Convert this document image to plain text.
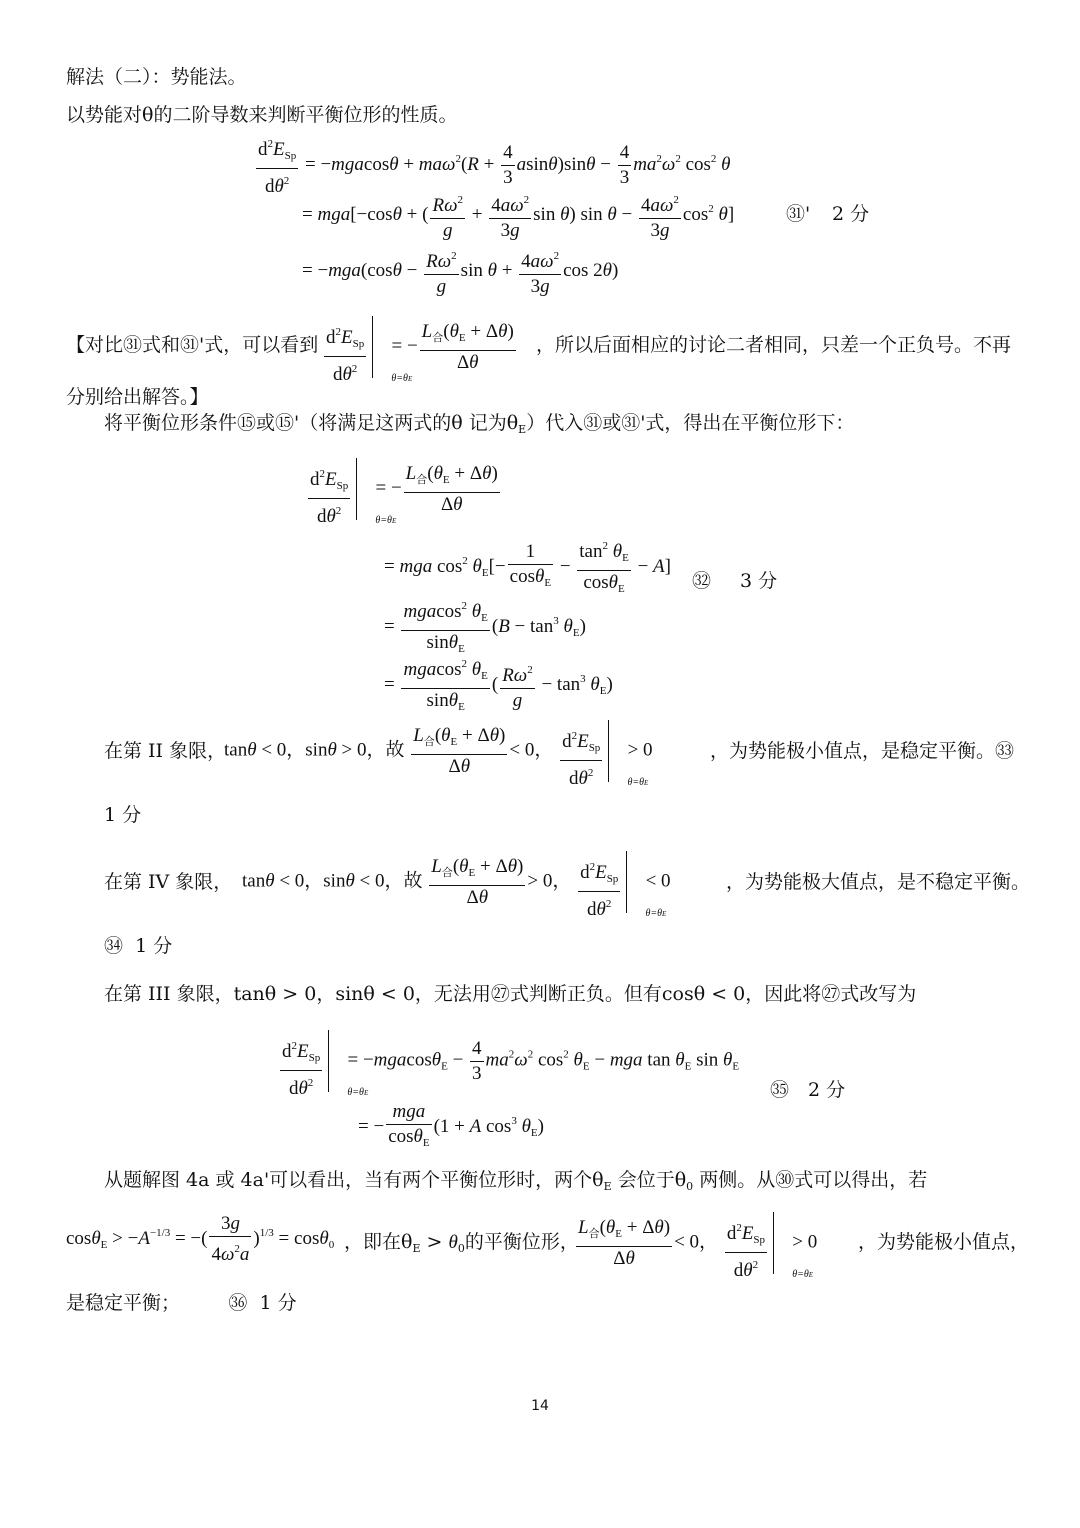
解法（二）：势能法。
以势能对θ的二阶导数来判断平衡位形的性质。
$\frac{d^2E_{Sp}}{d\theta^2} = -mgacos\theta + ma\omega^2(R + \frac{4}{3} asin\theta)\sin\theta - \frac{4}{3} ma^2\omega^2$ $\cos^2 \theta$
= mga[−cosθ + ( $\frac{R\omega^2}{g} + \frac{4a\omega^2}{3g}$ sin θ) $\sin \theta - \frac{4a\omega^2}{3g} \cos^2 \theta$]	㉛' 2 分
= $-mga(\cos\theta - \frac{R\omega^2}{g}$ $\sin \theta + \frac{4a\omega^2}{3g}$ cos 2θ)
【对比㉛式和㉛'式，可以看到 $\frac{d^2E_{Sp}}{d\theta^2}$	θ=θE
= − $\frac{L_合(\theta_E + \Delta\theta)}{\Delta\theta}$ ，所以后面相应的讨论二者相同，只差一个正负号。不再
分别给出解答。】
将平衡位形条件⑮或⑮'（将满足这两式的θ 记为$\theta_E$）代入㉛或㉛'式，得出在平衡位形下：
$\frac{d^2E_{Sp}}{d\theta^2}$	θ=θE
= − $\frac{L_合(\theta_E + \Delta\theta)}{\Delta\theta}$
= mga $\cos^2 \theta_E[- \frac{1}{\cos\theta_E} - \frac{\tan^2 \theta_E}{\cos\theta_E} - A]$
㉜ 3 分
= $\frac{mgacos^2 \theta_E}{\sin\theta_E} (B - \tan^3 \theta_E)$
= $\frac{mgacos^2 \theta_E}{\sin\theta_E}$ ( $\frac{R\omega^2}{g} - \tan^3 \theta_E$)
在第 II 象限，
tanθ < 0，sinθ > 0，故 $\frac{L_合(\theta_E + \Delta\theta)}{\Delta\theta} < 0$， $\frac{d^2E_{Sp}}{d\theta^2}$	θ=θE
> 0	，为势能极小值点，是稳定平衡。㉝
1 分
在第 IV 象限， tanθ < 0，sinθ < 0，故 $\frac{L_合(\theta_E + \Delta\theta)}{\Delta\theta} > 0$， $\frac{d^2E_{Sp}}{d\theta^2}$	θ=θE
< 0	，为势能极大值点，是不稳定平衡。
㉞ 1 分
在第 III 象限，tanθ > 0，sinθ < 0，无法用㉗式判断正负。但有cosθ < 0，因此将㉗式改写为
$\frac{d^2E_{Sp}}{d\theta^2}$	θ=θE
= $-mgacos\theta_E - \frac{4}{3} ma^2\omega^2$ $\cos^2 \theta_E$ − mga $\tan \theta_E$ $\sin \theta_E$
㉟ 2 分
= − $\frac{\text{mga}}{\cos\theta_E} (1 + A$ $\cos^3 \theta_E$)
从题解图 4a 或 4a'可以看出，当有两个平衡位形时，两个$\theta_E$ 会位于$\theta_0$ 两侧。从㉚式可以得出，若
$\cos\theta_E > -A^{-1/3}$ = −( $\frac{3g}{4\omega^2a} )^{1/3} = \cos\theta_0$ ，即在$\theta_E > \theta_0$的平衡位形，
$\frac{L_合(\theta_E + \Delta\theta)}{\Delta\theta} < 0$， $\frac{d^2E_{Sp}}{d\theta^2}$	θ=θE
> 0 ，为势能极小值点，
是稳定平衡；	㊱ 1 分
14
